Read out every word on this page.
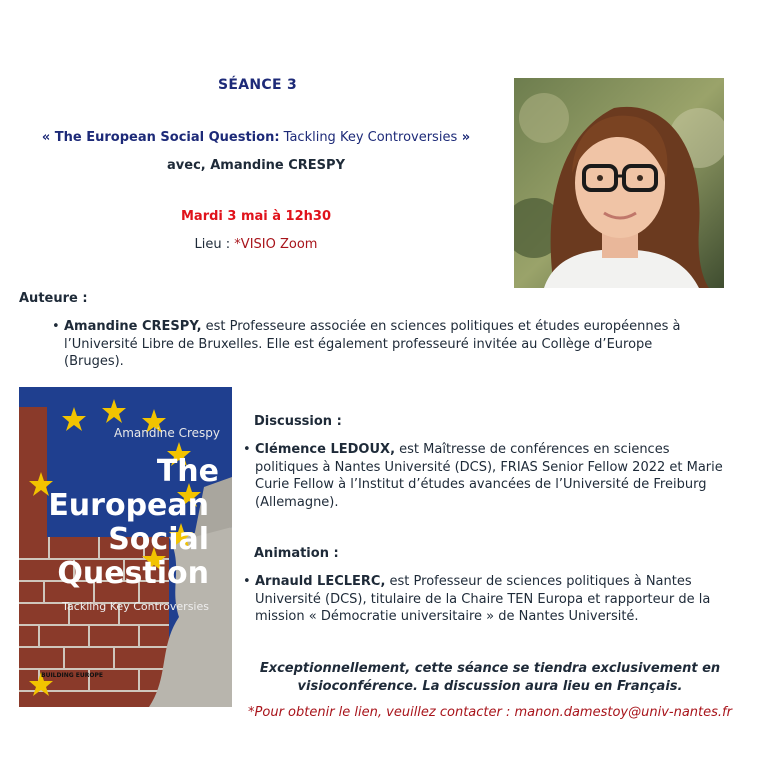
SÉANCE 3
« The European Social Question: Tackling Key Controversies »
avec, Amandine CRESPY
Mardi 3 mai à 12h30
Lieu : *VISIO Zoom
Auteure :
• Amandine CRESPY, est Professeure associée en sciences politiques et études européennes à l’Université Libre de Bruxelles. Elle est également professeuré invitée au Collège d’Europe (Bruges).
Amandine Crespy
The
European
Social
Question
Tackling Key Controversies
BUILDING EUROPE
Discussion :
• Clémence LEDOUX, est Maîtresse de conférences en sciences politiques à Nantes Université (DCS), FRIAS Senior Fellow 2022 et Marie Curie Fellow à l’Institut d’études avancées de l’Université de Freiburg (Allemagne).
Animation :
• Arnauld LECLERC, est Professeur de sciences politiques à Nantes Université (DCS), titulaire de la Chaire TEN Europa et rapporteur de la mission « Démocratie universitaire » de Nantes Université.
Exceptionnellement, cette séance se tiendra exclusivement en
visioconférence. La discussion aura lieu en Français.
*Pour obtenir le lien, veuillez contacter : manon.damestoy@univ-nantes.fr
